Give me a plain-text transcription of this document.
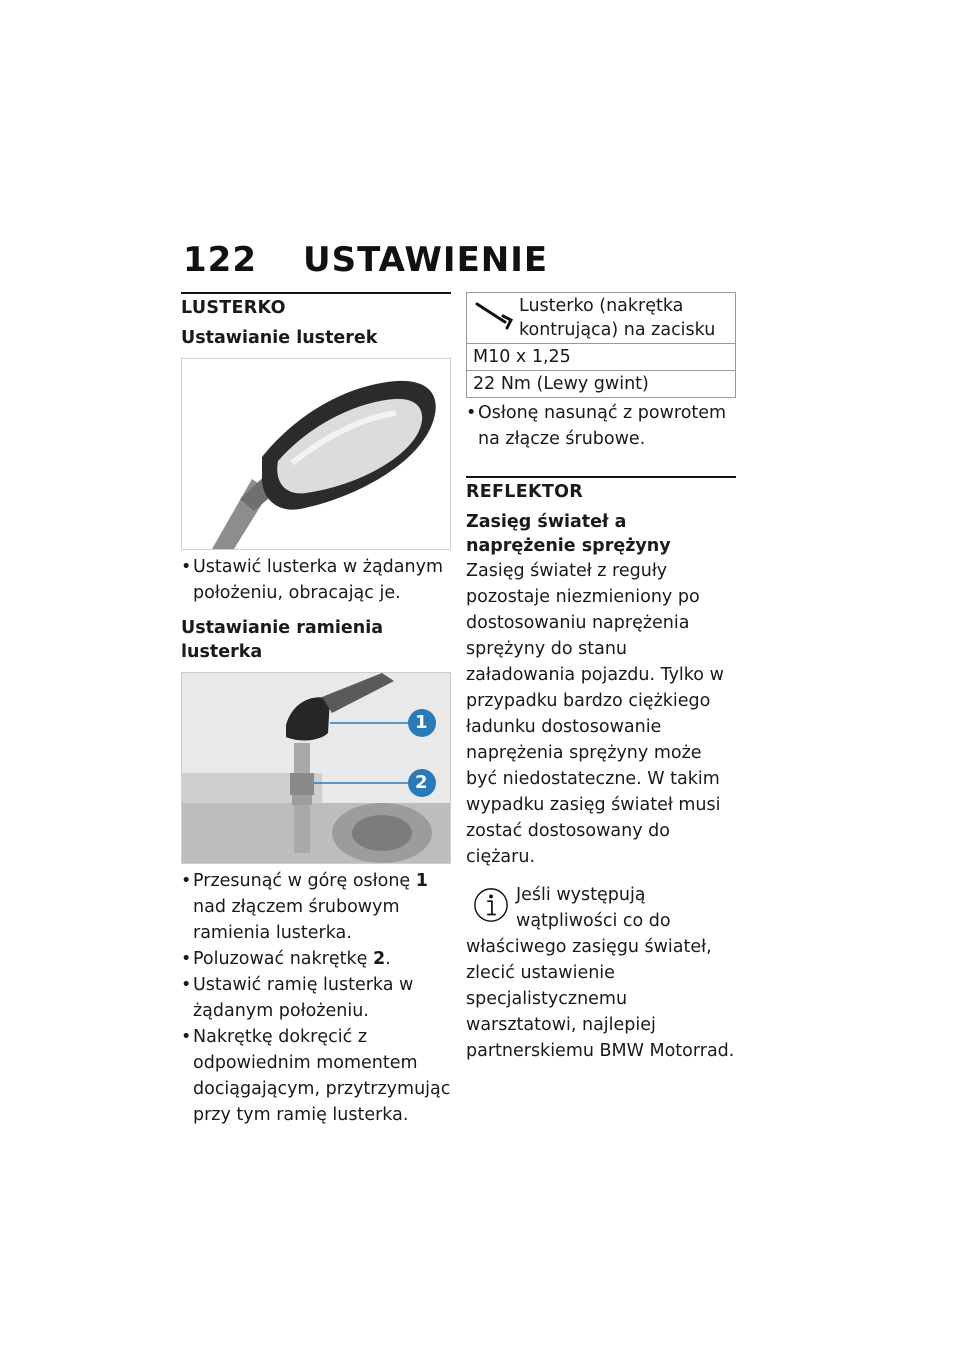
122 USTAWIENIE
LUSTERKO
Ustawianie lusterek
• Ustawić lusterka w żądanym położeniu, obracając je.
Ustawianie ramienia lusterka
1
2
• Przesunąć w górę osłonę 1 nad złączem śrubowym ramienia lusterka.
• Poluzować nakrętkę 2.
• Ustawić ramię lusterka w żądanym położeniu.
• Nakrętkę dokręcić z odpowiednim momentem dociągającym, przytrzymując przy tym ramię lusterka.
Lusterko (nakrętka kontrująca) na zacisku

M10 x 1,25
22 Nm (Lewy gwint)
• Osłonę nasunąć z powrotem na złącze śrubowe.
REFLEKTOR
Zasięg świateł a naprężenie sprężyny
Zasięg świateł z reguły pozostaje niezmieniony po dostosowaniu naprężenia sprężyny do stanu załadowania pojazdu. Tylko w przypadku bardzo ciężkiego ładunku dostosowanie naprężenia sprężyny może być niedostateczne. W takim wypadku zasięg świateł musi zostać dostosowany do ciężaru.
Jeśli występują wątpliwości co do właściwego zasięgu świateł, zlecić ustawienie specjalistycznemu warsztatowi, najlepiej partnerskiemu BMW Motorrad.
